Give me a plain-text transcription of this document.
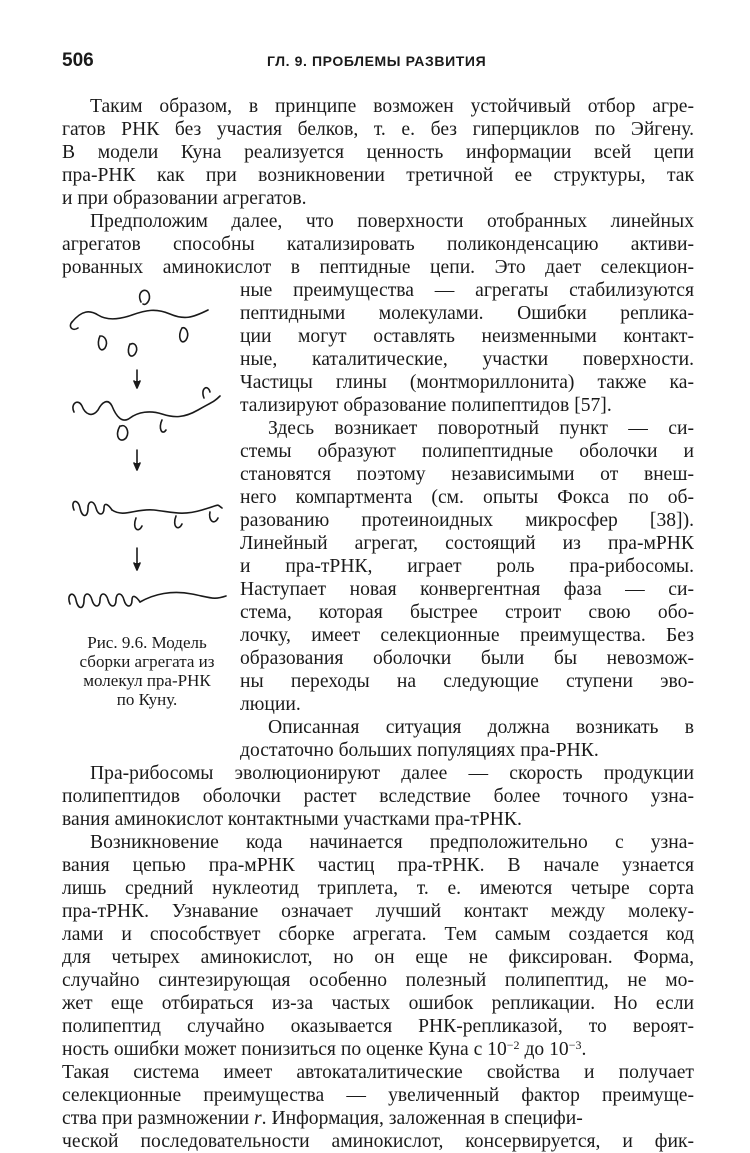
506	ГЛ. 9. ПРОБЛЕМЫ РАЗВИТИЯ
Таким образом, в принципе возможен устойчивый отбор агре-
гатов РНК без участия белков, т. е. без гиперциклов по Эйгену.
В модели Куна реализуется ценность информации всей цепи
пра-РНК как при возникновении третичной ее структуры, так
и при образовании агрегатов.
Предположим далее, что поверхности отобранных линейных
агрегатов способны катализировать поликонденсацию активи-
рованных аминокислот в пептидные цепи. Это дает селекцион-
ные преимущества — агрегаты стабилизуются
пептидными молекулами. Ошибки реплика-
ции могут оставлять неизменными контакт-
ные, каталитические, участки поверхности.
Частицы глины (монтмориллонита) также ка-
тализируют образование полипептидов [57].
Здесь возникает поворотный пункт — си-
стемы образуют полипептидные оболочки и
становятся поэтому независимыми от внеш-
него компартмента (см. опыты Фокса по об-
разованию протеиноидных микросфер [38]).
Линейный агрегат, состоящий из пра-мРНК
и пра-тРНК, играет роль пра-рибосомы.
Наступает новая конвергентная фаза — си-
стема, которая быстрее строит свою обо-
лочку, имеет селекционные преимущества. Без
образования оболочки были бы невозмож-
ны переходы на следующие ступени эво-
люции.
Описанная ситуация должна возникать в
достаточно больших популяциях пра-РНК.
Пра-рибосомы эволюционируют далее — скорость продукции
полипептидов оболочки растет вследствие более точного узна-
вания аминокислот контактными участками пра-тРНК.
Возникновение кода начинается предположительно с узна-
вания цепью пра-мРНК частиц пра-тРНК. В начале узнается
лишь средний нуклеотид триплета, т. е. имеются четыре сорта
пра-тРНК. Узнавание означает лучший контакт между молеку-
лами и способствует сборке агрегата. Тем самым создается код
для четырех аминокислот, но он еще не фиксирован. Форма,
случайно синтезирующая особенно полезный полипептид, не мо-
жет еще отбираться из-за частых ошибок репликации. Но если
полипептид случайно оказывается РНК-репликазой, то вероят-
ность ошибки может понизиться по оценке Куна с $10^{-2}$ до $10^{-3}$.
Такая система имеет автокаталитические свойства и получает
селекционные преимущества — увеличенный фактор преимуще-
ства при размножении r. Информация, заложенная в специфи-
ческой последовательности аминокислот, консервируется, и фик-
Рис. 9.6. Модель
сборки агрегата из
молекул пра-РНК
по Куну.
